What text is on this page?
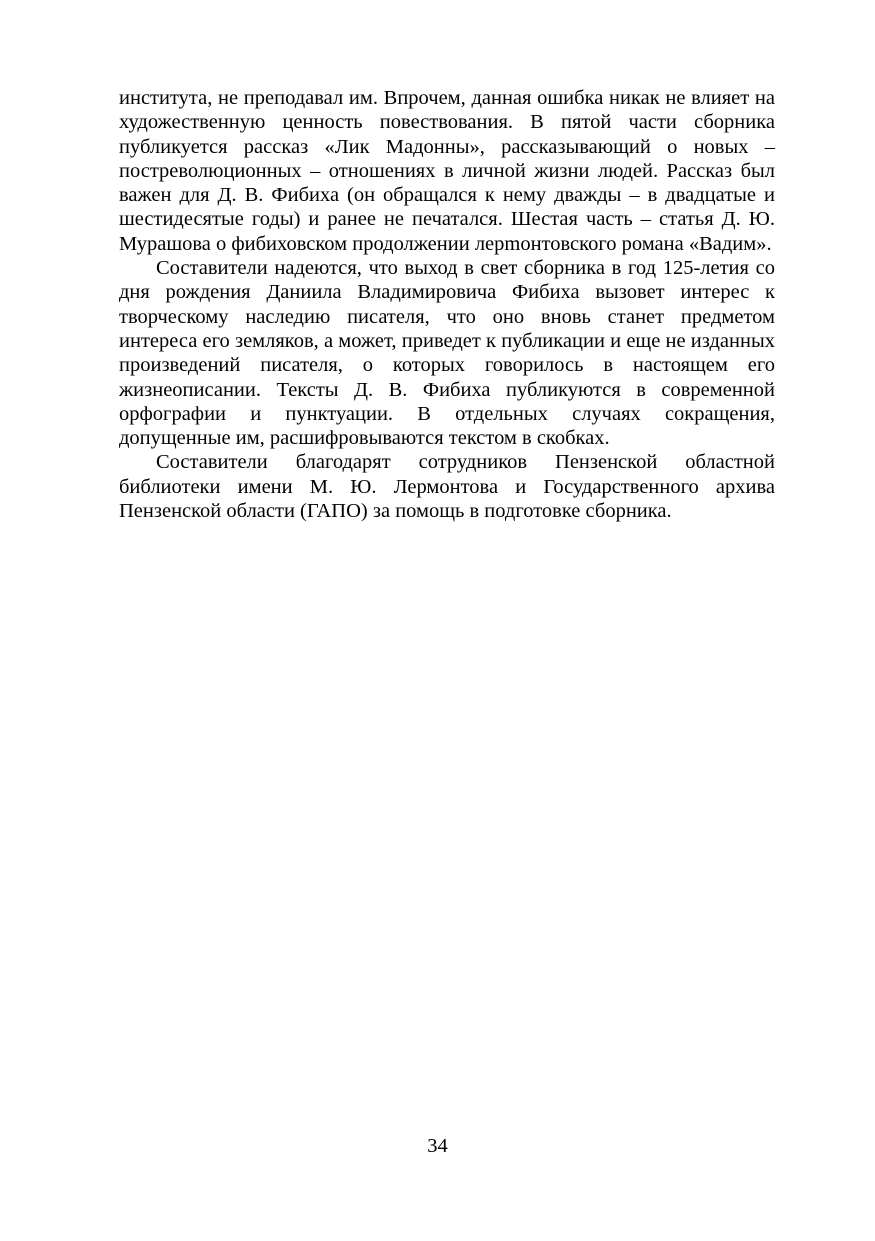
института, не преподавал им. Впрочем, данная ошибка никак не влияет на художественную ценность повествования. В пятой части сборника публикуется рассказ «Лик Мадонны», рассказывающий о новых – постреволюционных – отношениях в личной жизни людей. Рассказ был важен для Д. В. Фибиха (он обращался к нему дважды – в двадцатые и шестидесятые годы) и ранее не печатался. Шестая часть – статья Д. Ю. Мурашова о фибиховском продолжении лерmонтовского романа «Вадим».

Составители надеются, что выход в свет сборника в год 125-летия со дня рождения Даниила Владимировича Фибиха вызовет интерес к творческому наследию писателя, что оно вновь станет предметом интереса его земляков, а может, приведет к публикации и еще не изданных произведений писателя, о которых говорилось в настоящем его жизнеописании. Тексты Д. В. Фибиха публикуются в современной орфографии и пунктуации. В отдельных случаях сокращения, допущенные им, расшифровываются текстом в скобках.

Составители благодарят сотрудников Пензенской областной библиотеки имени М. Ю. Лермонтова и Государственного архива Пензенской области (ГАПО) за помощь в подготовке сборника.

34
